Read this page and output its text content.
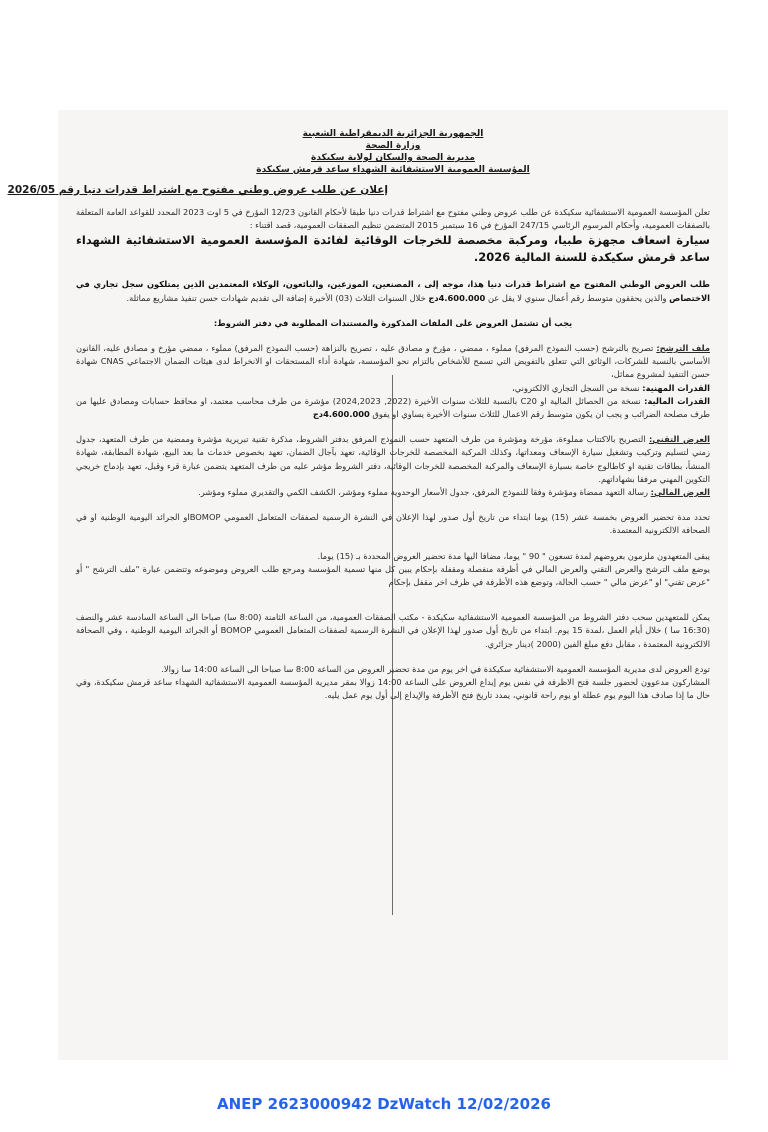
الجمهورية الجزائرية الديمقراطية الشعبية
وزارة الصحة
مديرية الصحة والسكان لولاية سكيكدة
المؤسسة العمومية الاستشفائية الشهداء ساعد قرمش سكيكدة
إعلان عن طلب عروض وطني مفتوح مع اشتراط قدرات دنيا رقم 2026/05

تعلن المؤسسة العمومية الاستشفائية سكيكدة عن طلب عروض وطني مفتوح مع اشتراط قدرات دنيا طبقا لأحكام القانون 12/23 المؤرخ في 5 اوت 2023 المحدد للقواعد العامة المتعلقة بالصفقات العمومية، وأحكام المرسوم الرئاسي 247/15 المؤرخ في 16 سبتمبر 2015 المتضمن تنظيم الصفقات العمومية، قصد اقتناء :

سيارة اسعاف مجهزة طبيا، ومركبة مخصصة للخرجات الوقائية لفائدة المؤسسة العمومية الاستشفائية الشهداء ساعد قرمش سكيكدة للسنة المالية 2026.

طلب العروض الوطني المفتوح مع اشتراط قدرات دنيا هذا، موجه إلى ، المصنعين، الموزعين، والبائعون، الوكلاء المعتمدين الذين يمتلكون سجل تجاري في الاختصاص والذين يحققون متوسط رقم أعمال سنوي لا يقل عن 4.600.000دج خلال السنوات الثلاث (03) الأخيرة إضافة الى تقديم شهادات حسن تنفيذ مشاريع مماثلة.

يجب أن تشتمل العروض على الملفات المذكورة والمستندات المطلوبة في دفتر الشروط:

ملف الترشح: تصريح بالترشح (حسب النموذج المرفق) مملوء ، ممضي ، مؤرخ و مصادق عليه ، تصريح بالنزاهة (حسب النموذج المرفق) مملوء ، ممضي مؤرخ و مصادق عليه، القانون الأساسي بالنسبة للشركات، الوثائق التي تتعلق بالتفويض التي تسمح للأشخاص بالتزام نحو المؤسسة، شهادة أداء المستحقات او الانخراط لدى هيئات الضمان الاجتماعي CNAS شهادة حسن التنفيذ لمشروع مماثل،

القدرات المهنية: نسخة من السجل التجاري الالكتروني،

القدرات المالية: نسخة من الحصائل المالية او C20 بالنسبة للثلاث سنوات الأخيرة (2022, 2024,2023) مؤشرة من طرف محاسب معتمد، او محافظ حسابات ومصادق عليها من طرف مصلحة الضرائب و يجب ان يكون متوسط رقم الاعمال للثلاث سنوات الأخيرة يساوي او يفوق 4.600.000دج

العرض التقني: التصريح بالاكتتاب مملوءة، مؤرخة ومؤشرة من طرف المتعهد حسب النموذج المرفق بدفتر الشروط، مذكرة تقنية تبريرية مؤشرة وممضية من طرف المتعهد، جدول زمني لتسليم وتركيب وتشغيل سيارة الإسعاف ومعداتها، وكذلك المركبة المخصصة للخرجات الوقائية، تعهد بآجال الضمان، تعهد بخصوص خدمات ما بعد البيع، شهادة المطابقة، شهادة المنشأ، بطاقات تقنية او كاطالوج خاصة بسيارة الإسعاف والمركبة المخصصة للخرجات الوقائية، دفتر الشروط مؤشر عليه من طرف المتعهد يتضمن عبارة قرء وقبل، تعهد بإدماج خريجي التكوين المهني مرفقا بشهاداتهم.

العرض المالي: رسالة التعهد ممضاة ومؤشرة وفقا للنموذج المرفق، جدول الأسعار الوحدوية مملوء ومؤشر، الكشف الكمي والتقديري مملوء ومؤشر.

تحدد مدة تحضير العروض بخمسة عشر (15) يوما ابتداء من تاريخ أول صدور لهذا الإعلان في النشرة الرسمية لصفقات المتعامل العمومي BOMOPاو الجرائد اليومية الوطنية او في الصحافة الالكترونية المعتمدة.

يبقى المتعهدون ملزمون بعروضهم لمدة تسعون " 90 " يوما، مضافا اليها مدة تحضير العروض المحددة بـ (15) يوما.

يوضع ملف الترشح والعرض التقني والعرض المالي في أظرفة منفصلة ومقفلة بإحكام يبين كل منها تسمية المؤسسة ومرجع طلب العروض وموضوعه وتتضمن عبارة "ملف الترشح " أو "عرض تقني" او "عرض مالي " حسب الحالة، وتوضع هذه الأظرفة في ظرف اخر مقفل بإحكام

يمكن للمتعهدين سحب دفتر الشروط من المؤسسة العمومية الاستشفائية سكيكدة - مكتب الصفقات العمومية، من الساعة الثامنة (8:00 سا) صباحا الى الساعة السادسة عشر والنصف (16:30 سا ) خلال أيام العمل ،لمدة 15 يوم. ابتداء من تاريخ أول صدور لهذا الإعلان في النشرة الرسمية لصفقات المتعامل العمومي BOMOP أو الجرائد اليومية الوطنية ، وفي الصحافة الالكترونية المعتمدة ، مقابل دفع مبلغ الفين (2000 )دينار جزائري.

تودع العروض لدى مديرية المؤسسة العمومية الاستشفائية سكيكدة في اخر يوم من مدة تحضير العروض من الساعة 8:00 سا صباحا الى الساعة 14:00 سا زوالا.

المشاركون مدعوون لحضور جلسة فتح الاظرفة في نفس يوم إيداع العروض على الساعة 14:00 زوالا بمقر مديرية المؤسسة العمومية الاستشفائية الشهداء ساعد قرمش سكيكدة، وفي حال ما إذا صادف هذا اليوم يوم عطلة او يوم راحة قانوني، يمدد تاريخ فتح الأظرفة والإيداع إلى أول يوم عمل يليه.

ANEP 2623000942 DzWatch 12/02/2026
